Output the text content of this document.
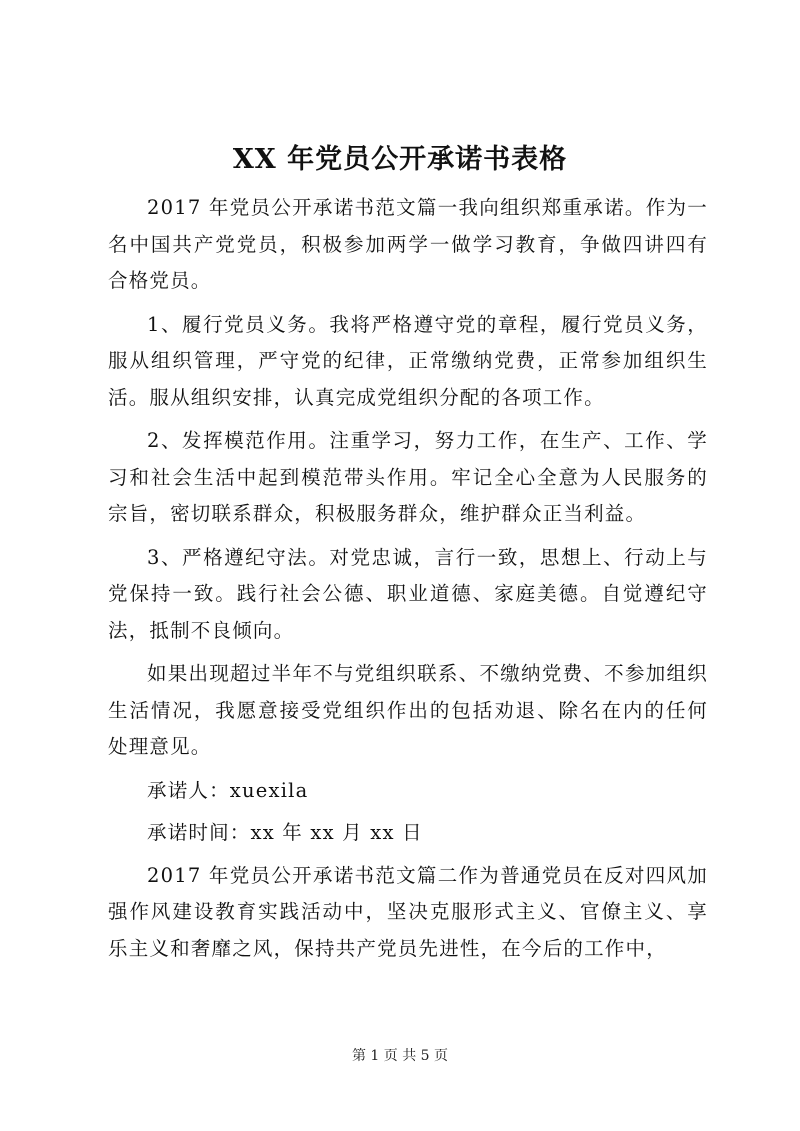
XX 年党员公开承诺书表格

2017 年党员公开承诺书范文篇一我向组织郑重承诺。作为一名中国共产党党员，积极参加两学一做学习教育，争做四讲四有合格党员。

1、履行党员义务。我将严格遵守党的章程，履行党员义务，服从组织管理，严守党的纪律，正常缴纳党费，正常参加组织生活。服从组织安排，认真完成党组织分配的各项工作。

2、发挥模范作用。注重学习，努力工作，在生产、工作、学习和社会生活中起到模范带头作用。牢记全心全意为人民服务的宗旨，密切联系群众，积极服务群众，维护群众正当利益。

3、严格遵纪守法。对党忠诚，言行一致，思想上、行动上与党保持一致。践行社会公德、职业道德、家庭美德。自觉遵纪守法，抵制不良倾向。

如果出现超过半年不与党组织联系、不缴纳党费、不参加组织生活情况，我愿意接受党组织作出的包括劝退、除名在内的任何处理意见。

承诺人：xuexila

承诺时间：xx 年 xx 月 xx 日

2017 年党员公开承诺书范文篇二作为普通党员在反对四风加强作风建设教育实践活动中，坚决克服形式主义、官僚主义、享乐主义和奢靡之风，保持共产党员先进性，在今后的工作中，

第 1 页 共 5 页
